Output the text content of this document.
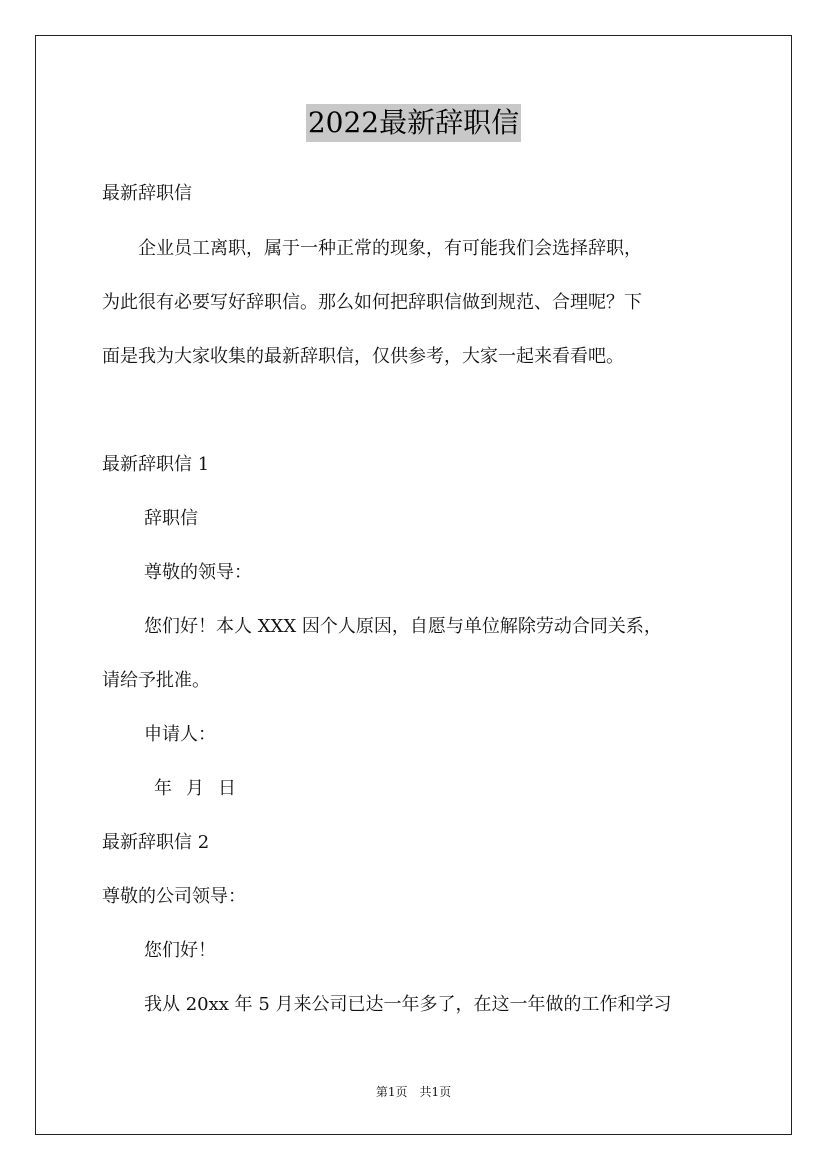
2022最新辞职信
最新辞职信
　　企业员工离职，属于一种正常的现象，有可能我们会选择辞职，
为此很有必要写好辞职信。那么如何把辞职信做到规范、合理呢？下
面是我为大家收集的最新辞职信，仅供参考，大家一起来看看吧。
最新辞职信 1
辞职信
尊敬的领导：
您们好！本人 XXX 因个人原因，自愿与单位解除劳动合同关系，
请给予批准。
申请人：
年 月 日
最新辞职信 2
尊敬的公司领导：
您们好！
我从 20xx 年 5 月来公司已达一年多了，在这一年做的工作和学习
第1页　共1页
